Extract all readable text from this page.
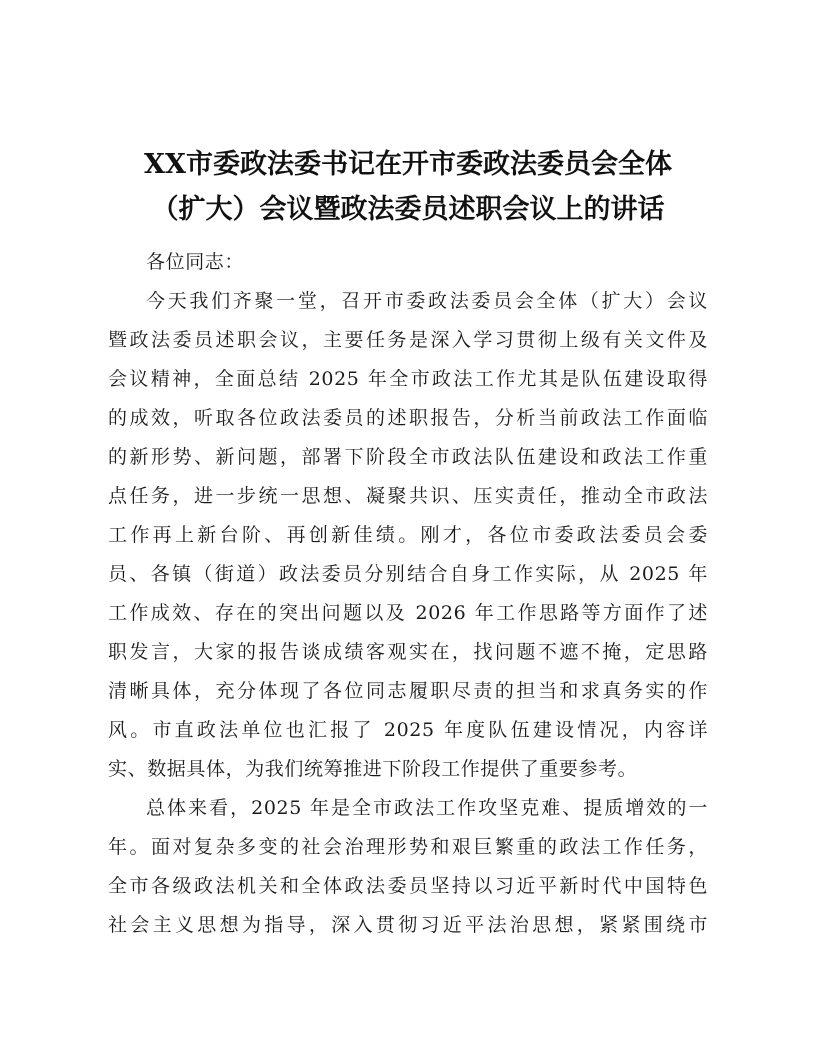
XX市委政法委书记在开市委政法委员会全体
（扩大）会议暨政法委员述职会议上的讲话
各位同志：
今天我们齐聚一堂，召开市委政法委员会全体（扩大）会议
暨政法委员述职会议，主要任务是深入学习贯彻上级有关文件及
会议精神，全面总结 2025 年全市政法工作尤其是队伍建设取得
的成效，听取各位政法委员的述职报告，分析当前政法工作面临
的新形势、新问题，部署下阶段全市政法队伍建设和政法工作重
点任务，进一步统一思想、凝聚共识、压实责任，推动全市政法
工作再上新台阶、再创新佳绩。刚才，各位市委政法委员会委
员、各镇（街道）政法委员分别结合自身工作实际，从 2025 年
工作成效、存在的突出问题以及 2026 年工作思路等方面作了述
职发言，大家的报告谈成绩客观实在，找问题不遮不掩，定思路
清晰具体，充分体现了各位同志履职尽责的担当和求真务实的作
风。市直政法单位也汇报了 2025 年度队伍建设情况，内容详
实、数据具体，为我们统筹推进下阶段工作提供了重要参考。
总体来看，2025 年是全市政法工作攻坚克难、提质增效的一
年。面对复杂多变的社会治理形势和艰巨繁重的政法工作任务，
全市各级政法机关和全体政法委员坚持以习近平新时代中国特色
社会主义思想为指导，深入贯彻习近平法治思想，紧紧围绕市
